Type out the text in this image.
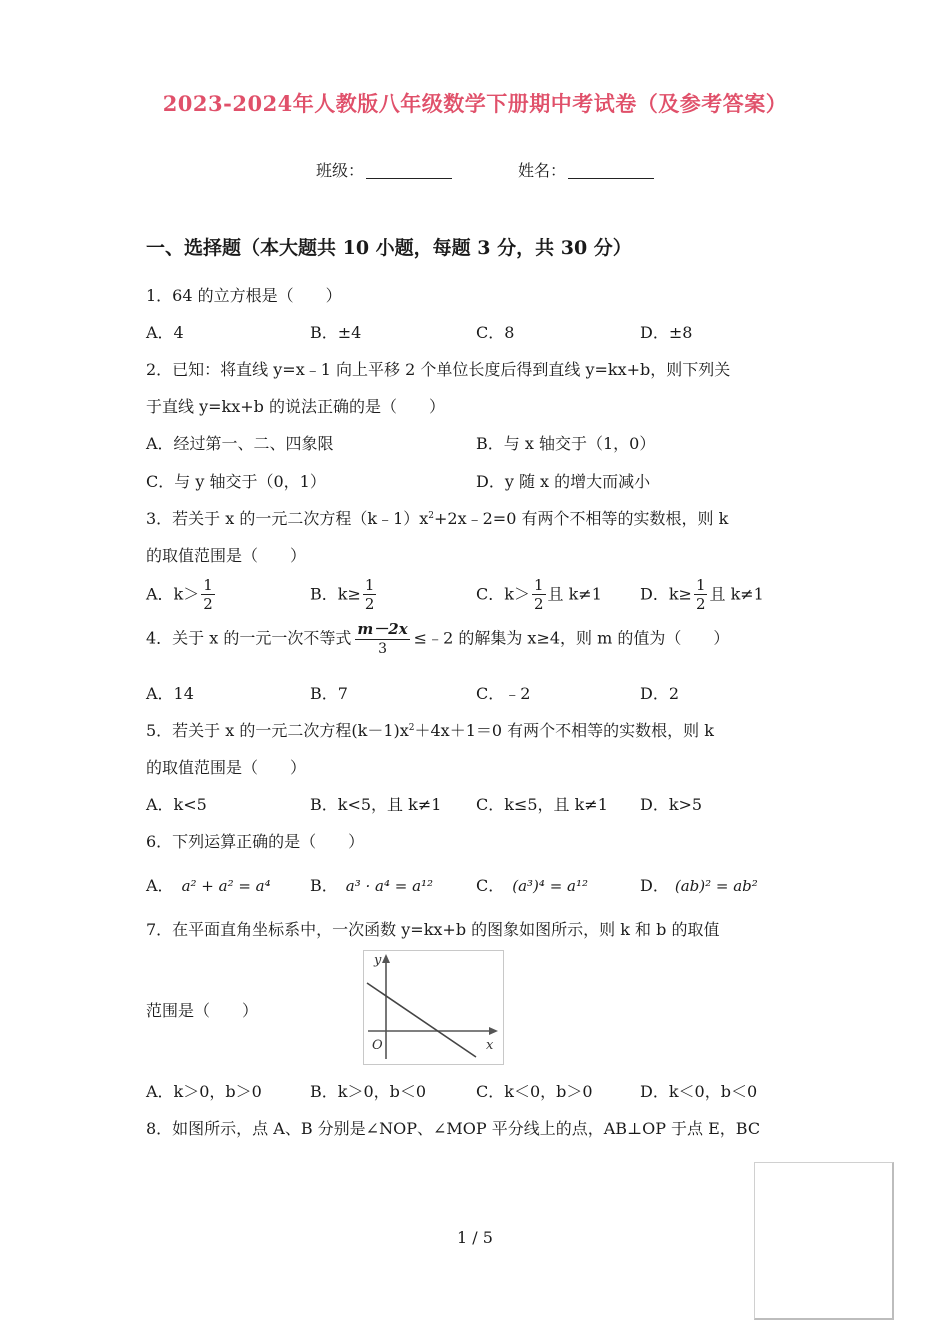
2023-2024年人教版八年级数学下册期中考试卷（及参考答案）
班级：	姓名：
一、选择题（本大题共 10 小题，每题 3 分，共 30 分）
1．64 的立方根是（　　）
A．4	B．±4	C．8	D．±8
2．已知：将直线 y=x﹣1 向上平移 2 个单位长度后得到直线 y=kx+b，则下列关
于直线 y=kx+b 的说法正确的是（　　）
A．经过第一、二、四象限	B．与 x 轴交于（1，0）
C．与 y 轴交于（0，1）	D．y 随 x 的增大而减小
3．若关于 x 的一元二次方程$(k﹣1)x^2+2x﹣2=0$ 有两个不相等的实数根，则 k
的取值范围是（　　）
A．$k> \frac{1}{2}$	B．$k\ge \frac{1}{2}$	C．$k> \frac{1}{2}$ 且 k≠1 D．$k\ge \frac{1}{2}$ 且 k≠1
4．关于 x 的一元一次不等式 $\frac{m-2x}{3}$ ≤﹣2 的解集为 x≥4，则 m 的值为（　　）
A．14	B．7	C．﹣2	D．2
5．若关于 x 的一元二次方程$(k-1)x^2+4x+1=0$ 有两个不相等的实数根，则 k
的取值范围是（　　）
A．k<5	B．k<5，且 k≠1 C．k≤5，且 k≠1 D．k>5
6．下列运算正确的是（　　）
A． a² + a² = a⁴ B． a³ · a⁴ = a¹²	C． (a³)⁴ = a¹²	D． (ab)² = ab²
7．在平面直角坐标系中，一次函数 y=kx+b 的图象如图所示，则 k 和 b 的取值
范围是（　　）
y
x
O
A．k＞0，b＞0	B．k＞0，b＜0	C．k＜0，b＞0	D．k＜0，b＜0
8．如图所示，点 A、B 分别是∠NOP、∠MOP 平分线上的点，AB⊥OP 于点 E，BC
1 / 5
